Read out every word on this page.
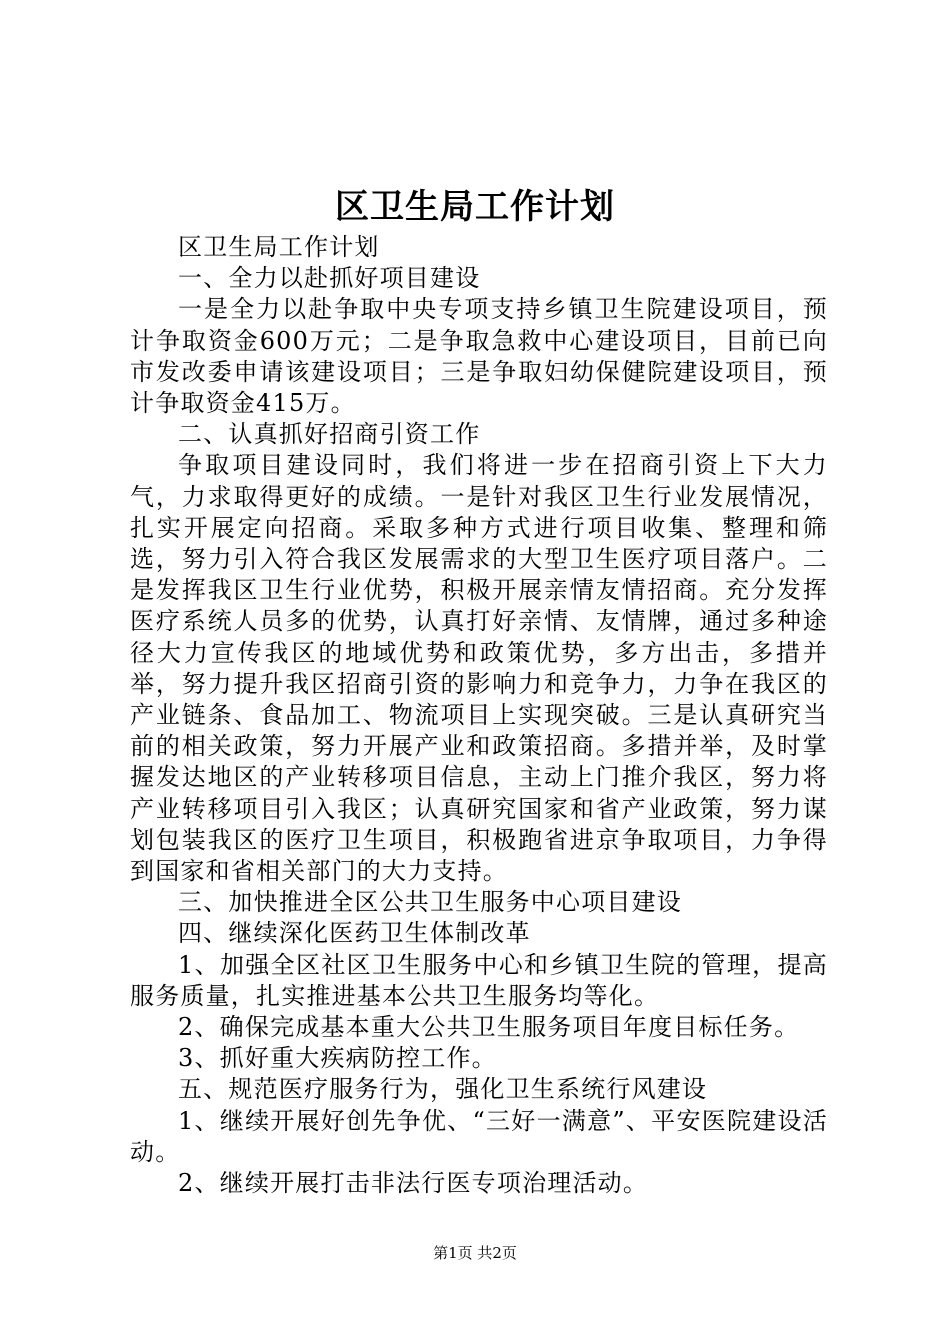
区卫生局工作计划

区卫生局工作计划

一、全力以赴抓好项目建设

一是全力以赴争取中央专项支持乡镇卫生院建设项目，预计争取资金600万元；二是争取急救中心建设项目，目前已向市发改委申请该建设项目；三是争取妇幼保健院建设项目，预计争取资金415万。

二、认真抓好招商引资工作

争取项目建设同时，我们将进一步在招商引资上下大力气，力求取得更好的成绩。一是针对我区卫生行业发展情况，扎实开展定向招商。采取多种方式进行项目收集、整理和筛选，努力引入符合我区发展需求的大型卫生医疗项目落户。二是发挥我区卫生行业优势，积极开展亲情友情招商。充分发挥医疗系统人员多的优势，认真打好亲情、友情牌，通过多种途径大力宣传我区的地域优势和政策优势，多方出击，多措并举，努力提升我区招商引资的影响力和竞争力，力争在我区的产业链条、食品加工、物流项目上实现突破。三是认真研究当前的相关政策，努力开展产业和政策招商。多措并举，及时掌握发达地区的产业转移项目信息，主动上门推介我区，努力将产业转移项目引入我区；认真研究国家和省产业政策，努力谋划包装我区的医疗卫生项目，积极跑省进京争取项目，力争得到国家和省相关部门的大力支持。

三、加快推进全区公共卫生服务中心项目建设

四、继续深化医药卫生体制改革

1、加强全区社区卫生服务中心和乡镇卫生院的管理，提高服务质量，扎实推进基本公共卫生服务均等化。

2、确保完成基本重大公共卫生服务项目年度目标任务。

3、抓好重大疾病防控工作。

五、规范医疗服务行为，强化卫生系统行风建设

1、继续开展好创先争优、“三好一满意”、平安医院建设活动。

2、继续开展打击非法行医专项治理活动。

第1页 共2页
